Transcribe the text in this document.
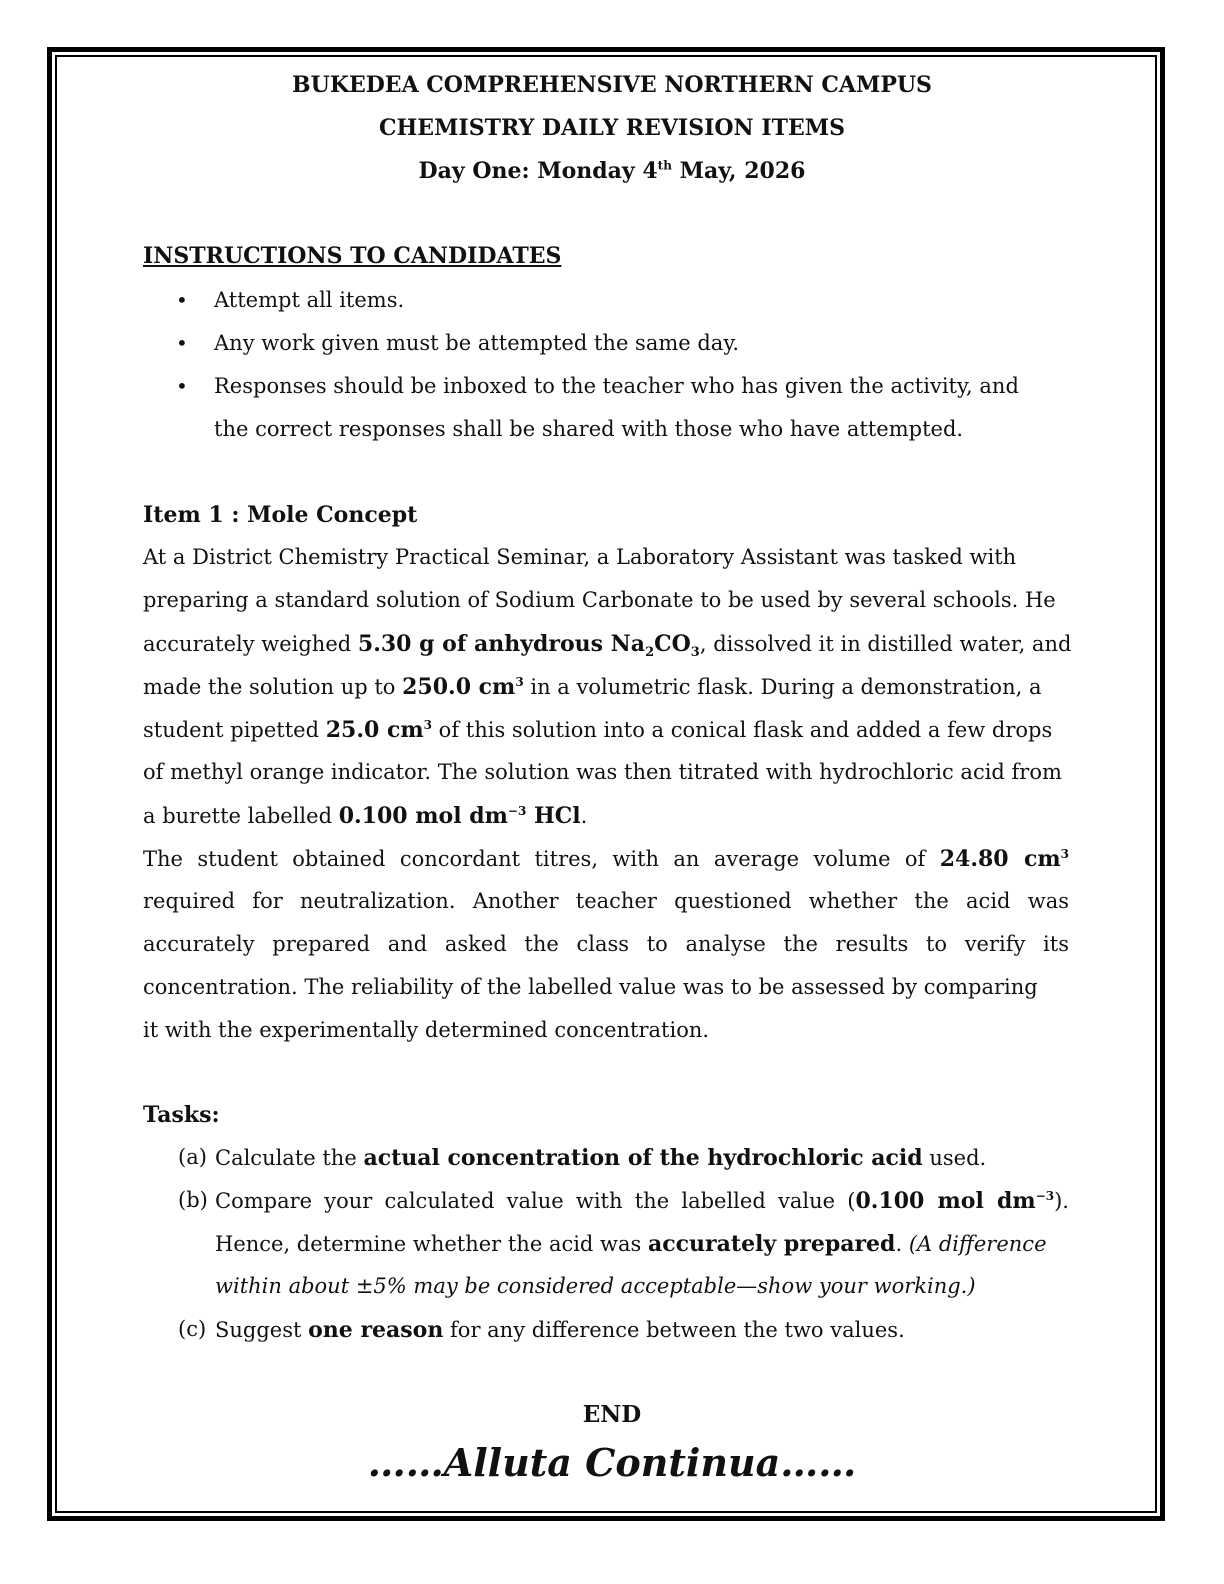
BUKEDEA COMPREHENSIVE NORTHERN CAMPUS
CHEMISTRY DAILY REVISION ITEMS
Day One: Monday 4th May, 2026
INSTRUCTIONS TO CANDIDATES
• Attempt all items.
• Any work given must be attempted the same day.
• Responses should be inboxed to the teacher who has given the activity, and
the correct responses shall be shared with those who have attempted.
Item 1 : Mole Concept
At a District Chemistry Practical Seminar, a Laboratory Assistant was tasked with
preparing a standard solution of Sodium Carbonate to be used by several schools. He
accurately weighed 5.30 g of anhydrous $Na_2CO_3$, dissolved it in distilled water, and
made the solution up to 250.0 $cm^3$ in a volumetric flask. During a demonstration, a
student pipetted 25.0 $cm^3$ of this solution into a conical flask and added a few drops
of methyl orange indicator. The solution was then titrated with hydrochloric acid from
a burette labelled 0.100 mol $dm^{-3}$ HCl.
The student obtained concordant titres, with an average volume of 24.80 $cm^3$
required for neutralization. Another teacher questioned whether the acid was
accurately prepared and asked the class to analyse the results to verify its
concentration. The reliability of the labelled value was to be assessed by comparing
it with the experimentally determined concentration.
Tasks:
(a) Calculate the actual concentration of the hydrochloric acid used.
(b) Compare your calculated value with the labelled value (0.100 mol $dm^{-3}$).
Hence, determine whether the acid was accurately prepared. (A difference
within about ±5% may be considered acceptable—show your working.)
(c) Suggest one reason for any difference between the two values.
END
……Alluta Continua……
